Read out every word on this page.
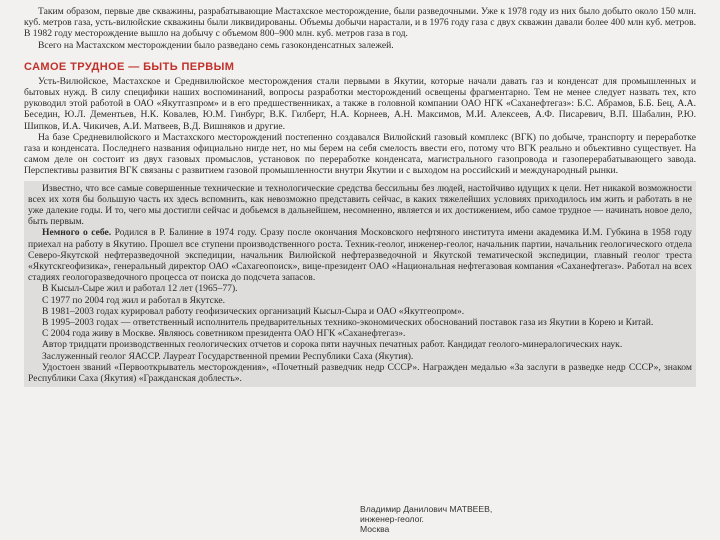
Таким образом, первые две скважины, разрабатывающие Мастахское месторождение, были разведочными. Уже к 1978 году из них было добыто около 150 млн. куб. метров газа, усть-вилюйские скважины были ликвидированы. Объемы добычи нарастали, и в 1976 году газа с двух скважин давали более 400 млн куб. метров. В 1982 году месторождение вышло на добычу с объемом 800–900 млн. куб. метров газа в год.

Всего на Мастахском месторождении было разведано семь газоконденсатных залежей.

САМОЕ ТРУДНОЕ — БЫТЬ ПЕРВЫМ

Усть-Вилюйское, Мастахское и Среднвилюйское месторождения стали первыми в Якутии, которые начали давать газ и конденсат для промышленных и бытовых нужд. В силу специфики наших воспоминаний, вопросы разработки месторождений освещены фрагментарно. Тем не менее следует назвать тех, кто руководил этой работой в ОАО «Якутгазпром» и в его предшественниках, а также в головной компании ОАО НГК «Саханефтегаз»: Б.С. Абрамов, Б.Б. Бец, А.А. Беседин, Ю.Л. Дементьев, Н.К. Ковалев, Ю.М. Гинбург, В.К. Гилберт, Н.А. Корнеев, А.Н. Максимов, М.И. Алексеев, А.Ф. Писаревич, В.П. Шабалин, Р.Ю. Шипков, И.А. Чикичев, А.И. Матвеев, В.Д. Вишняков и другие.

На базе Средневилюйского и Мастахского месторождений постепенно создавался Вилюйский газовый комплекс (ВГК) по добыче, транспорту и переработке газа и конденсата. Последнего названия официально нигде нет, но мы берем на себя смелость ввести его, потому что ВГК реально и объективно существует. На самом деле он состоит из двух газовых промыслов, установок по переработке конденсата, магистрального газопровода и газоперерабатывающего завода. Перспективы развития ВГК связаны с развитием газовой промышленности внутри Якутии и с выходом на российский и международный рынки.

Известно, что все самые совершенные технические и технологические средства бессильны без людей, настойчиво идущих к цели. Нет никакой возможности всех их хотя бы большую часть их здесь вспомнить, как невозможно представить сейчас, в каких тяжелейших условиях приходилось им жить и работать в не уже далекие годы. И то, чего мы достигли сейчас и добьемся в дальнейшем, несомненно, является и их достижением, ибо самое трудное — начинать новое дело, быть первым.

Немного о себе. Родился в Р. Балиние в 1974 году. Сразу после окончания Московского нефтяного института имени академика И.М. Губкина в 1958 году приехал на работу в Якутию. Прошел все ступени производственного роста. Техник-геолог, инженер-геолог, начальник партии, начальник геологического отдела Северо-Якутской нефтеразведочной экспедиции, начальник Вилюйской нефтеразведочной и Якутской тематической экспедиции, главный геолог треста «Якутскгеофизика», генеральный директор ОАО «Сахагеопоиск», вице-президент ОАО «Национальная нефтегазовая компания «Саханефтегаз». Работал на всех стадиях геологоразведочного процесса от поиска до подсчета запасов.

В Кысыл-Сыре жил и работал 12 лет (1965–77).

С 1977 по 2004 год жил и работал в Якутске.

В 1981–2003 годах курировал работу геофизических организаций Кысыл-Сыра и ОАО «Якутгеопром».

В 1995–2003 годах — ответственный исполнитель предварительных технико-экономических обоснований поставок газа из Якутии в Корею и Китай.

С 2004 года живу в Москве. Являюсь советником президента ОАО НГК «Саханефтегаз».

Автор тридцати производственных геологических отчетов и сорока пяти научных печатных работ. Кандидат геолого-минералогических наук.

Заслуженный геолог ЯАССР. Лауреат Государственной премии Республики Саха (Якутия).

Удостоен званий «Первооткрыватель месторождения», «Почетный разведчик недр СССР». Награжден медалью «За заслуги в разведке недр СССР», знаком Республики Саха (Якутия) «Гражданская доблесть».

Владимир Данилович МАТВЕЕВ,
инженер-геолог.
Москва
